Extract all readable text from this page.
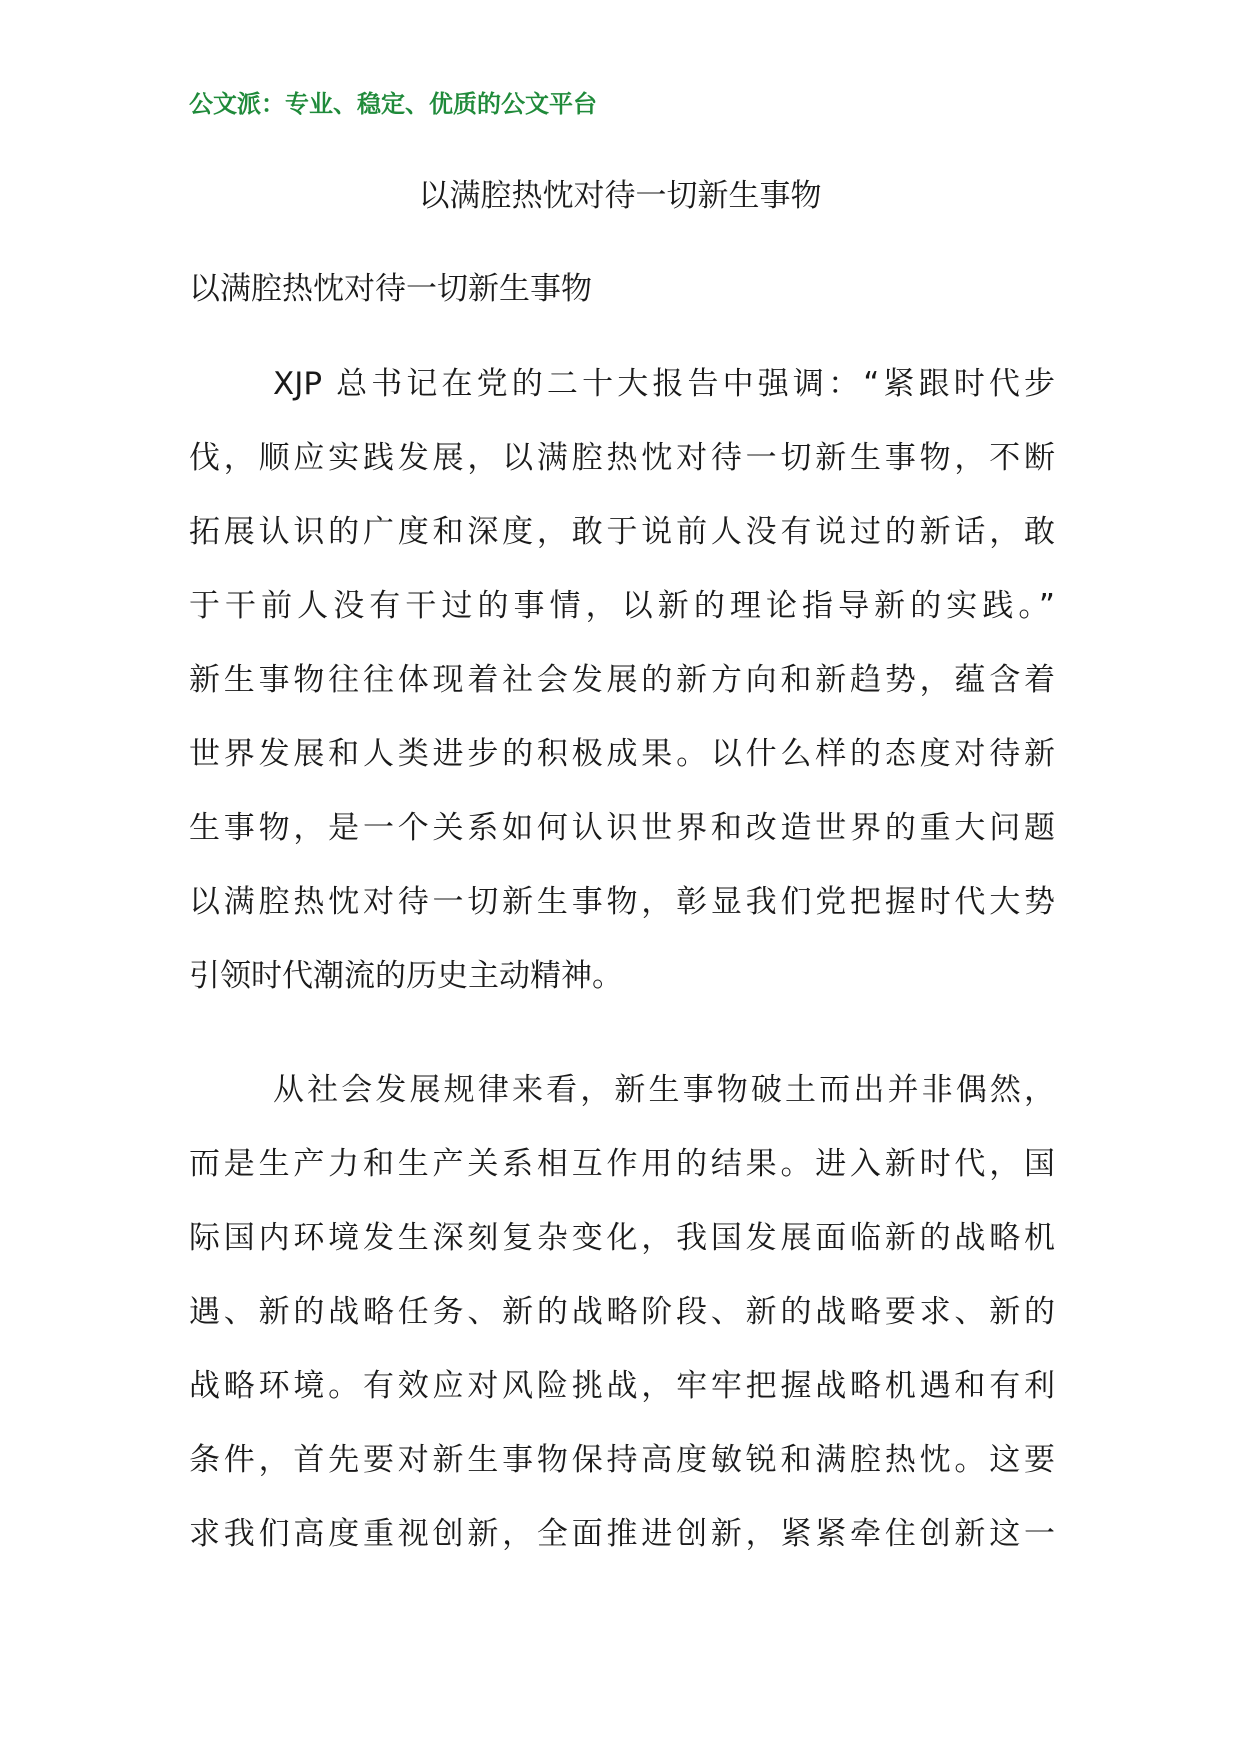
公文派：专业、稳定、优质的公文平台
以满腔热忱对待一切新生事物
以满腔热忱对待一切新生事物
XJP 总书记在党的二十大报告中强调：“紧跟时代步
伐，顺应实践发展，以满腔热忱对待一切新生事物，不断
拓展认识的广度和深度，敢于说前人没有说过的新话，敢
于干前人没有干过的事情，以新的理论指导新的实践。”
新生事物往往体现着社会发展的新方向和新趋势，蕴含着
世界发展和人类进步的积极成果。以什么样的态度对待新
生事物，是一个关系如何认识世界和改造世界的重大问题
以满腔热忱对待一切新生事物，彰显我们党把握时代大势
引领时代潮流的历史主动精神。
从社会发展规律来看，新生事物破土而出并非偶然，
而是生产力和生产关系相互作用的结果。进入新时代，国
际国内环境发生深刻复杂变化，我国发展面临新的战略机
遇、新的战略任务、新的战略阶段、新的战略要求、新的
战略环境。有效应对风险挑战，牢牢把握战略机遇和有利
条件，首先要对新生事物保持高度敏锐和满腔热忱。这要
求我们高度重视创新，全面推进创新，紧紧牵住创新这一
